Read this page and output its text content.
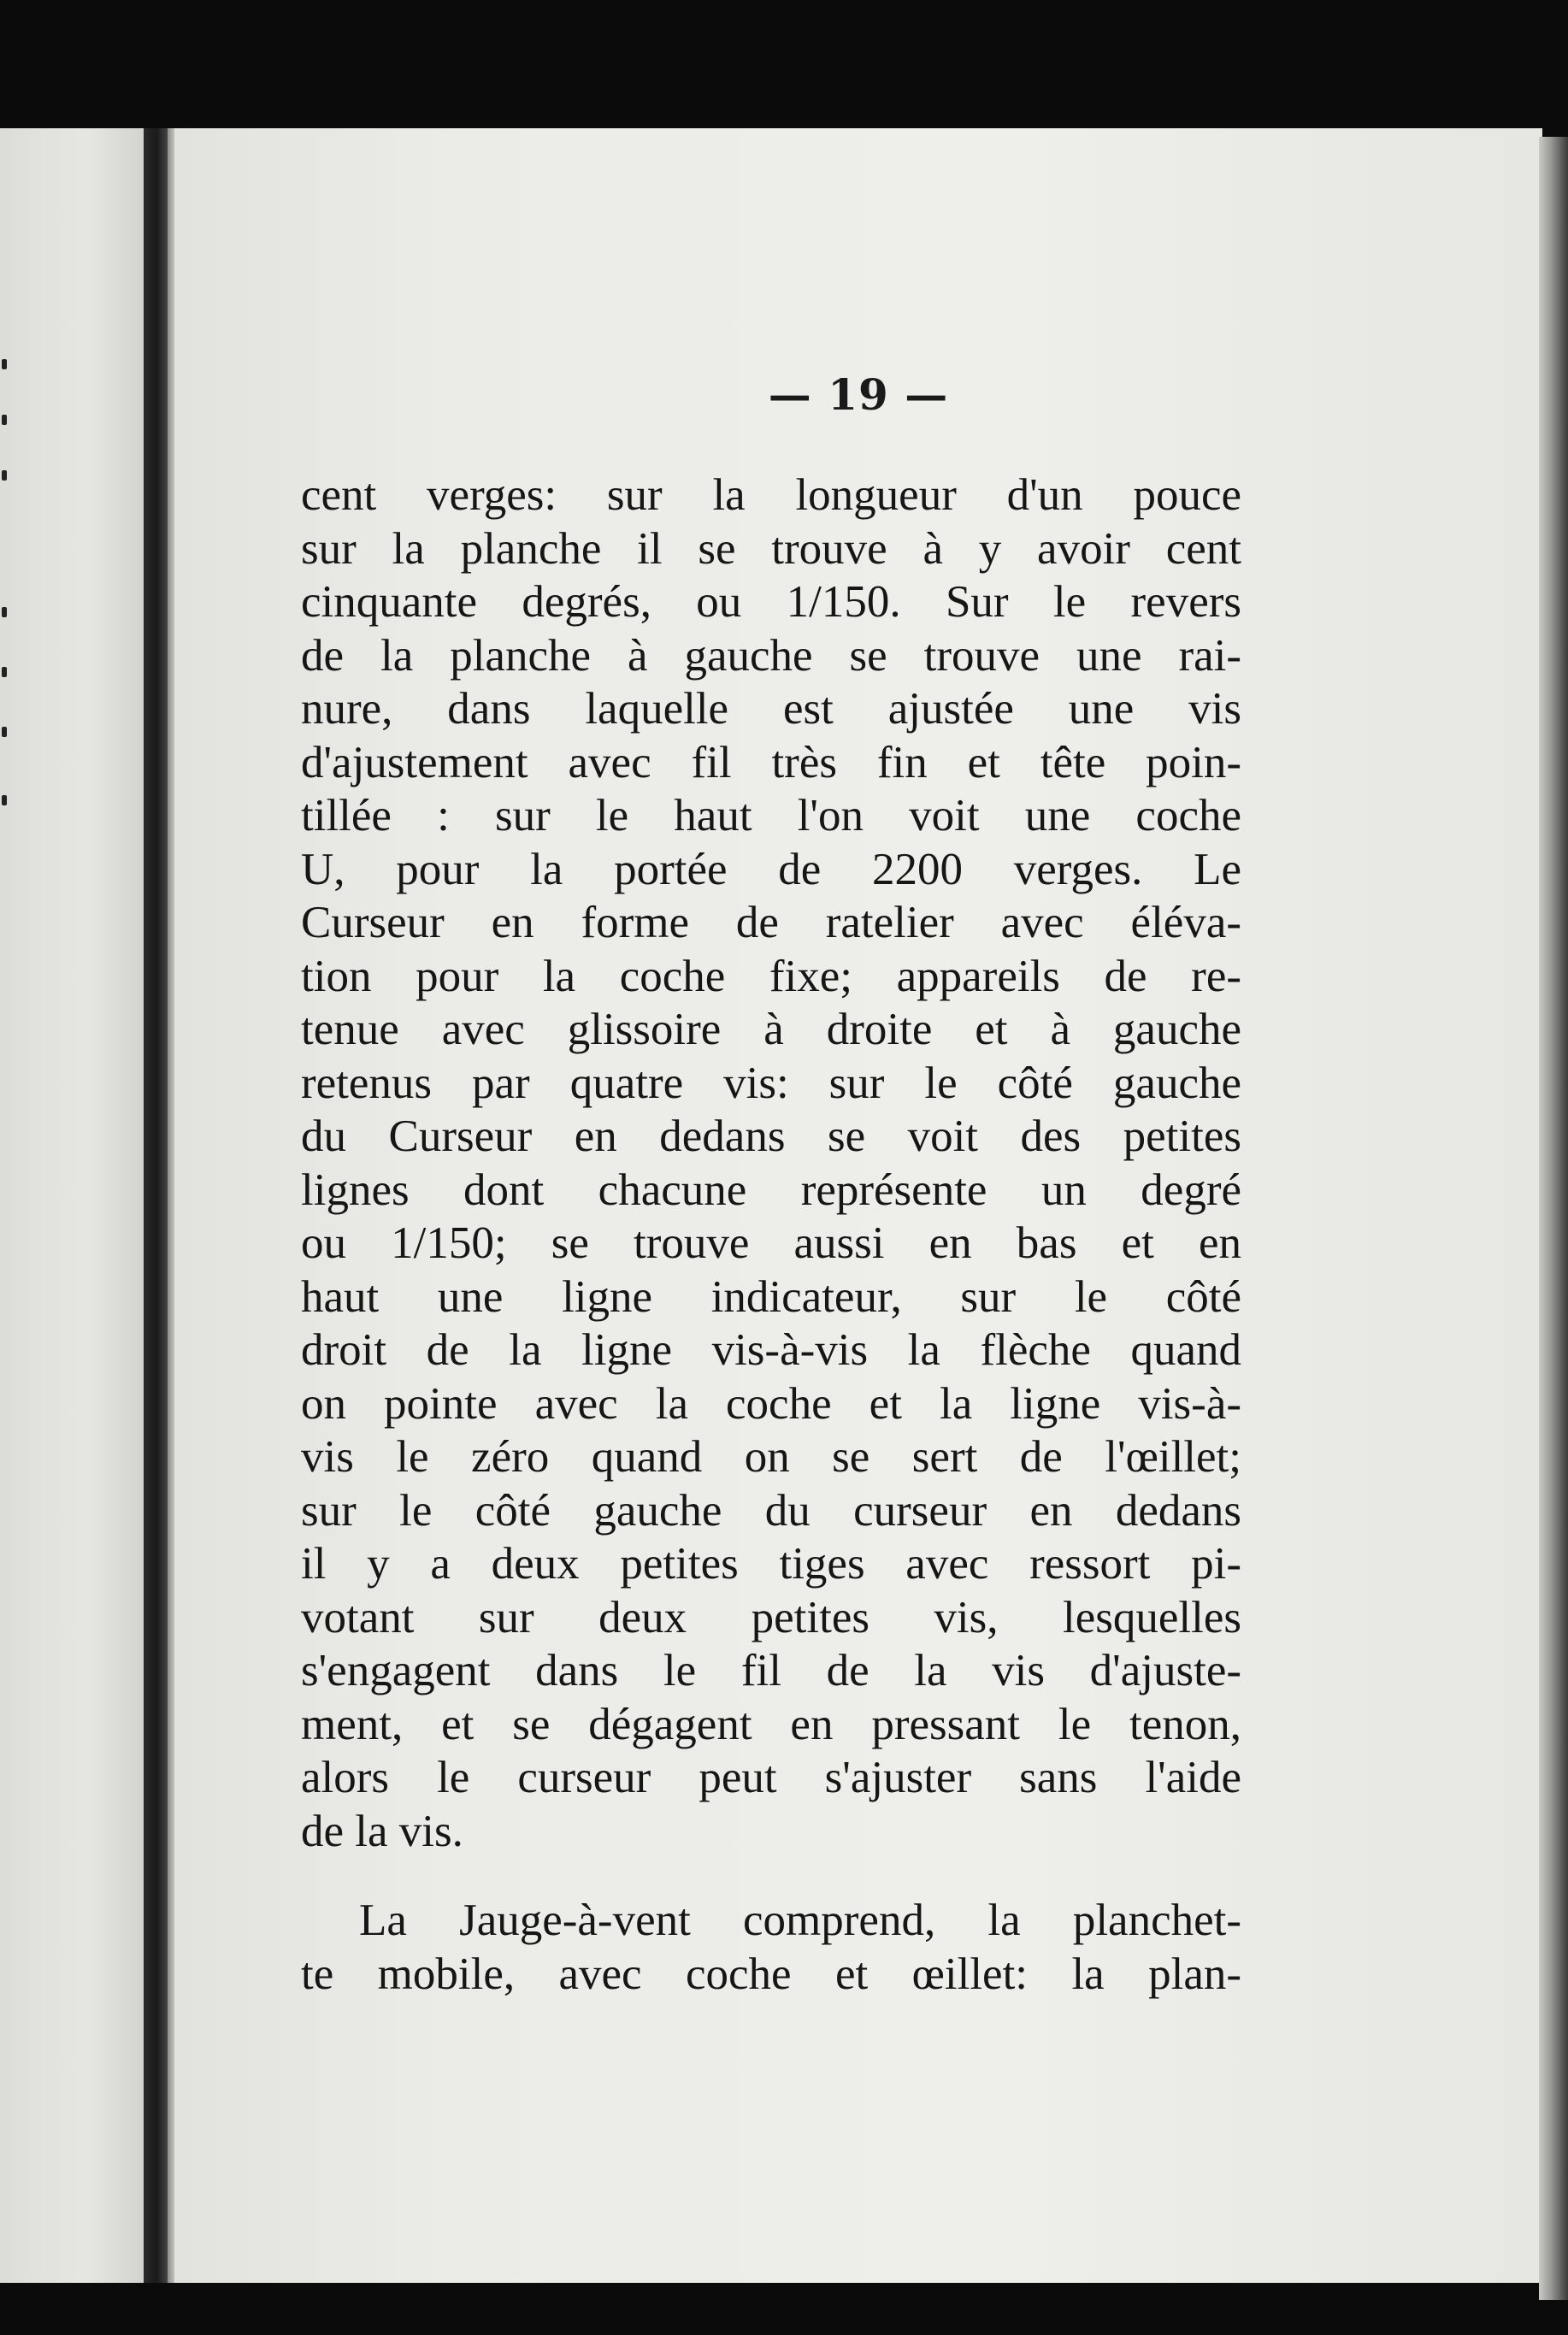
— 19 —
cent verges: sur la longueur d'un pouce
sur la planche il se trouve à y avoir cent
cinquante degrés, ou 1/150. Sur le revers
de la planche à gauche se trouve une rai-
nure, dans laquelle est ajustée une vis
d'ajustement avec fil très fin et tête poin-
tillée : sur le haut l'on voit une coche
U, pour la portée de 2200 verges. Le
Curseur en forme de ratelier avec éléva-
tion pour la coche fixe; appareils de re-
tenue avec glissoire à droite et à gauche
retenus par quatre vis: sur le côté gauche
du Curseur en dedans se voit des petites
lignes dont chacune représente un degré
ou 1/150; se trouve aussi en bas et en
haut une ligne indicateur, sur le côté
droit de la ligne vis-à-vis la flèche quand
on pointe avec la coche et la ligne vis-à-
vis le zéro quand on se sert de l'œillet;
sur le côté gauche du curseur en dedans
il y a deux petites tiges avec ressort pi-
votant sur deux petites vis, lesquelles
s'engagent dans le fil de la vis d'ajuste-
ment, et se dégagent en pressant le tenon,
alors le curseur peut s'ajuster sans l'aide
de la vis.
La Jauge-à-vent comprend, la planchet-
te mobile, avec coche et œillet: la plan-
